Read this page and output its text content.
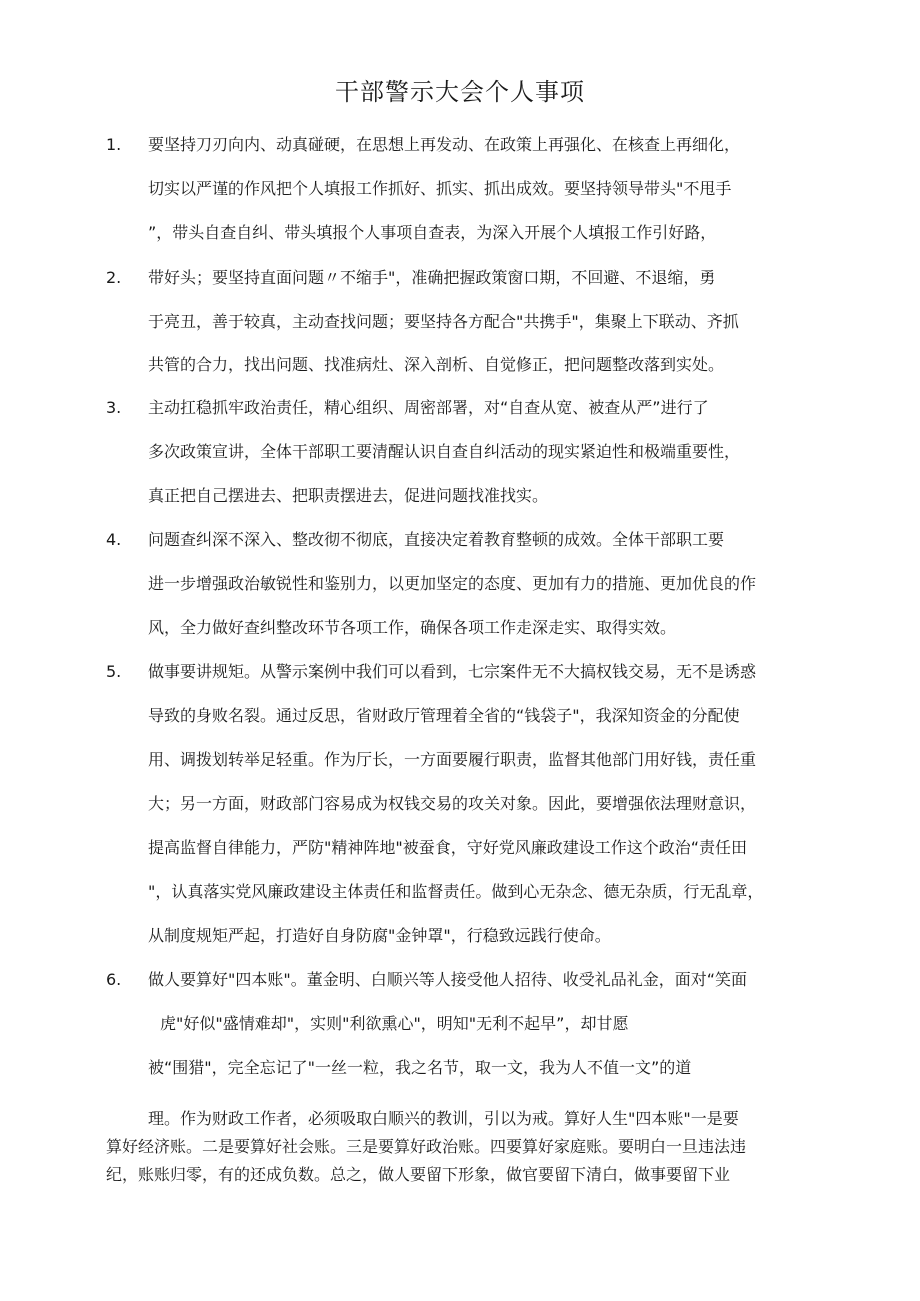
干部警示大会个人事项
1. 要坚持刀刃向内、动真碰硬，在思想上再发动、在政策上再强化、在核查上再细化，
切实以严谨的作风把个人填报工作抓好、抓实、抓出成效。要坚持领导带头"不甩手
”，带头自查自纠、带头填报个人事项自查表，为深入开展个人填报工作引好路，
2. 带好头；要坚持直面问题〃不缩手"，准确把握政策窗口期，不回避、不退缩，勇
于亮丑，善于较真，主动查找问题；要坚持各方配合"共携手"，集聚上下联动、齐抓
共管的合力，找出问题、找准病灶、深入剖析、自觉修正，把问题整改落到实处。
3. 主动扛稳抓牢政治责任，精心组织、周密部署，对“自查从宽、被查从严”进行了
多次政策宣讲，全体干部职工要清醒认识自查自纠活动的现实紧迫性和极端重要性，
真正把自己摆进去、把职责摆进去，促进问题找准找实。
4. 问题查纠深不深入、整改彻不彻底，直接决定着教育整顿的成效。全体干部职工要
进一步增强政治敏锐性和鉴别力，以更加坚定的态度、更加有力的措施、更加优良的作
风，全力做好查纠整改环节各项工作，确保各项工作走深走实、取得实效。
5. 做事要讲规矩。从警示案例中我们可以看到，七宗案件无不大搞权钱交易，无不是诱惑
导致的身败名裂。通过反思，省财政厅管理着全省的“钱袋子"，我深知资金的分配使
用、调拨划转举足轻重。作为厅长，一方面要履行职责，监督其他部门用好钱，责任重
大；另一方面，财政部门容易成为权钱交易的攻关对象。因此，要增强依法理财意识，
提高监督自律能力，严防"精神阵地"被蚕食，守好党风廉政建设工作这个政治“责任田
"，认真落实党风廉政建设主体责任和监督责任。做到心无杂念、德无杂质，行无乱章，
从制度规矩严起，打造好自身防腐"金钟罩"，行稳致远践行使命。
6. 做人要算好"四本账"。董金明、白顺兴等人接受他人招待、收受礼品礼金，面对“笑面
虎"好似"盛情难却"，实则"利欲熏心"，明知"无利不起早”，却甘愿
被“围猎"，完全忘记了"一丝一粒，我之名节，取一文，我为人不值一文”的道
理。作为财政工作者，必须吸取白顺兴的教训，引以为戒。算好人生"四本账"一是要
算好经济账。二是要算好社会账。三是要算好政治账。四要算好家庭账。要明白一旦违法违
纪，账账归零，有的还成负数。总之，做人要留下形象，做官要留下清白，做事要留下业
